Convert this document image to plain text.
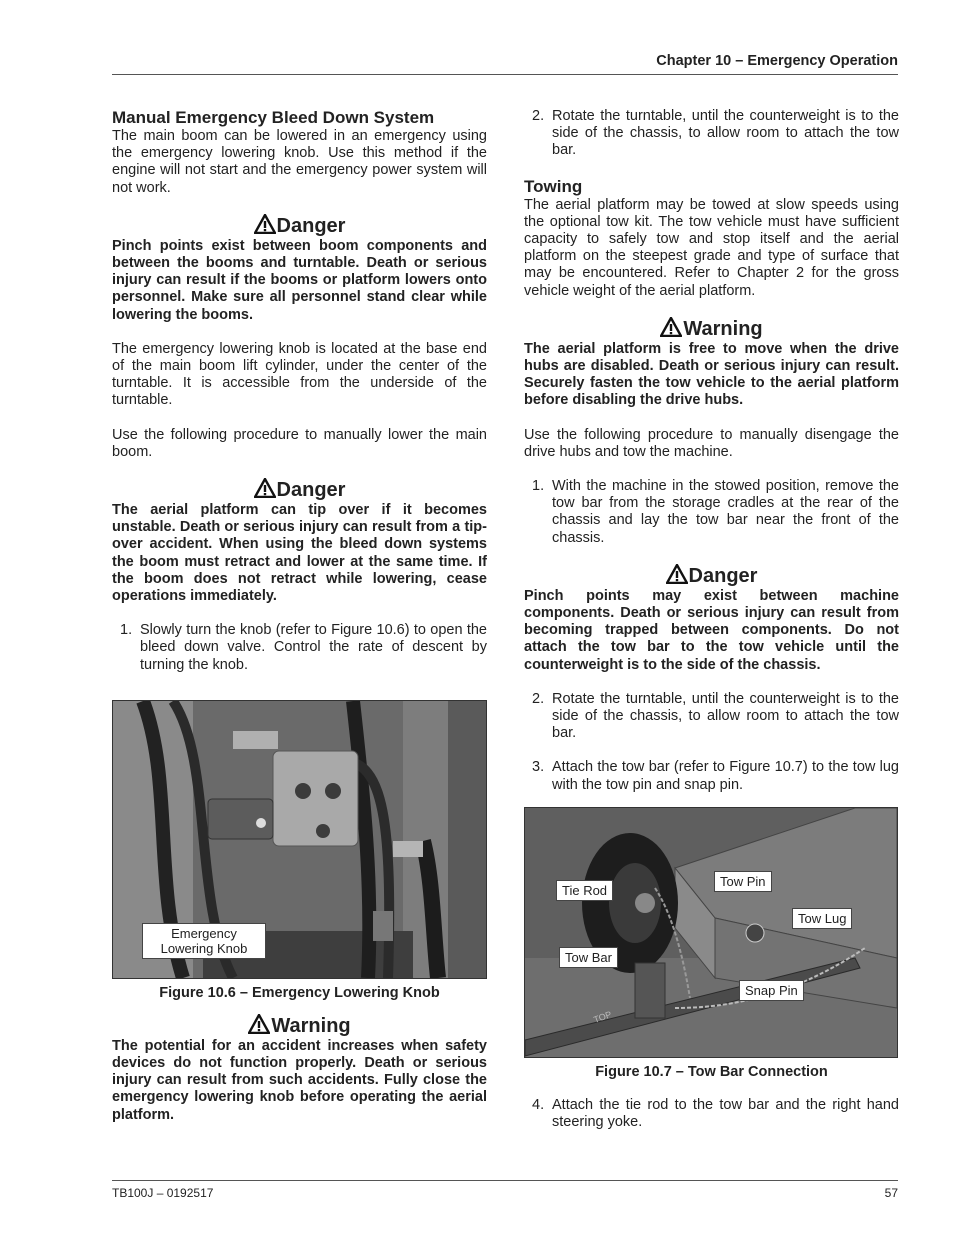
Chapter 10 – Emergency Operation
Manual Emergency Bleed Down System

The main boom can be lowered in an emergency using the emergency lowering knob. Use this method if the engine will not start and the emergency power system will not work.

Danger

Pinch points exist between boom components and between the booms and turntable. Death or serious injury can result if the booms or platform lowers onto personnel. Make sure all personnel stand clear while lowering the booms.

The emergency lowering knob is located at the base end of the main boom lift cylinder, under the center of the turntable. It is accessible from the underside of the turntable.

Use the following procedure to manually lower the main boom.

Danger

The aerial platform can tip over if it becomes unstable. Death or serious injury can result from a tip-over accident. When using the bleed down systems the boom must retract and lower at the same time. If the boom does not retract while lowering, cease operations immediately.

1. Slowly turn the knob (refer to Figure 10.6) to open the bleed down valve. Control the rate of descent by turning the knob.
Emergency Lowering Knob
Figure 10.6 – Emergency Lowering Knob
Warning

The potential for an accident increases when safety devices do not function properly. Death or serious injury can result from such accidents. Fully close the emergency lowering knob before operating the aerial platform.

2. Rotate the turntable, until the counterweight is to the side of the chassis, to allow room to attach the tow bar.
Towing

The aerial platform may be towed at slow speeds using the optional tow kit. The tow vehicle must have sufficient capacity to safely tow and stop itself and the aerial platform on the steepest grade and type of surface that may be encountered. Refer to Chapter 2 for the gross vehicle weight of the aerial platform.

Warning

The aerial platform is free to move when the drive hubs are disabled. Death or serious injury can result. Securely fasten the tow vehicle to the aerial platform before disabling the drive hubs.

Use the following procedure to manually disengage the drive hubs and tow the machine.

1. With the machine in the stowed position, remove the tow bar from the storage cradles at the rear of the chassis and lay the tow bar near the front of the chassis.
Danger

Pinch points may exist between machine components. Death or serious injury can result from becoming trapped between components. Do not attach the tow bar to the tow vehicle until the counterweight is to the side of the chassis.

2. Rotate the turntable, until the counterweight is to the side of the chassis, to allow room to attach the tow bar.
3. Attach the tow bar (refer to Figure 10.7) to the tow lug with the tow pin and snap pin.
TOP
Tie Rod
Tow Pin
Tow Lug
Tow Bar
Snap Pin
Figure 10.7 – Tow Bar Connection
4. Attach the tie rod to the tow bar and the right hand steering yoke.
TB100J – 0192517	57
